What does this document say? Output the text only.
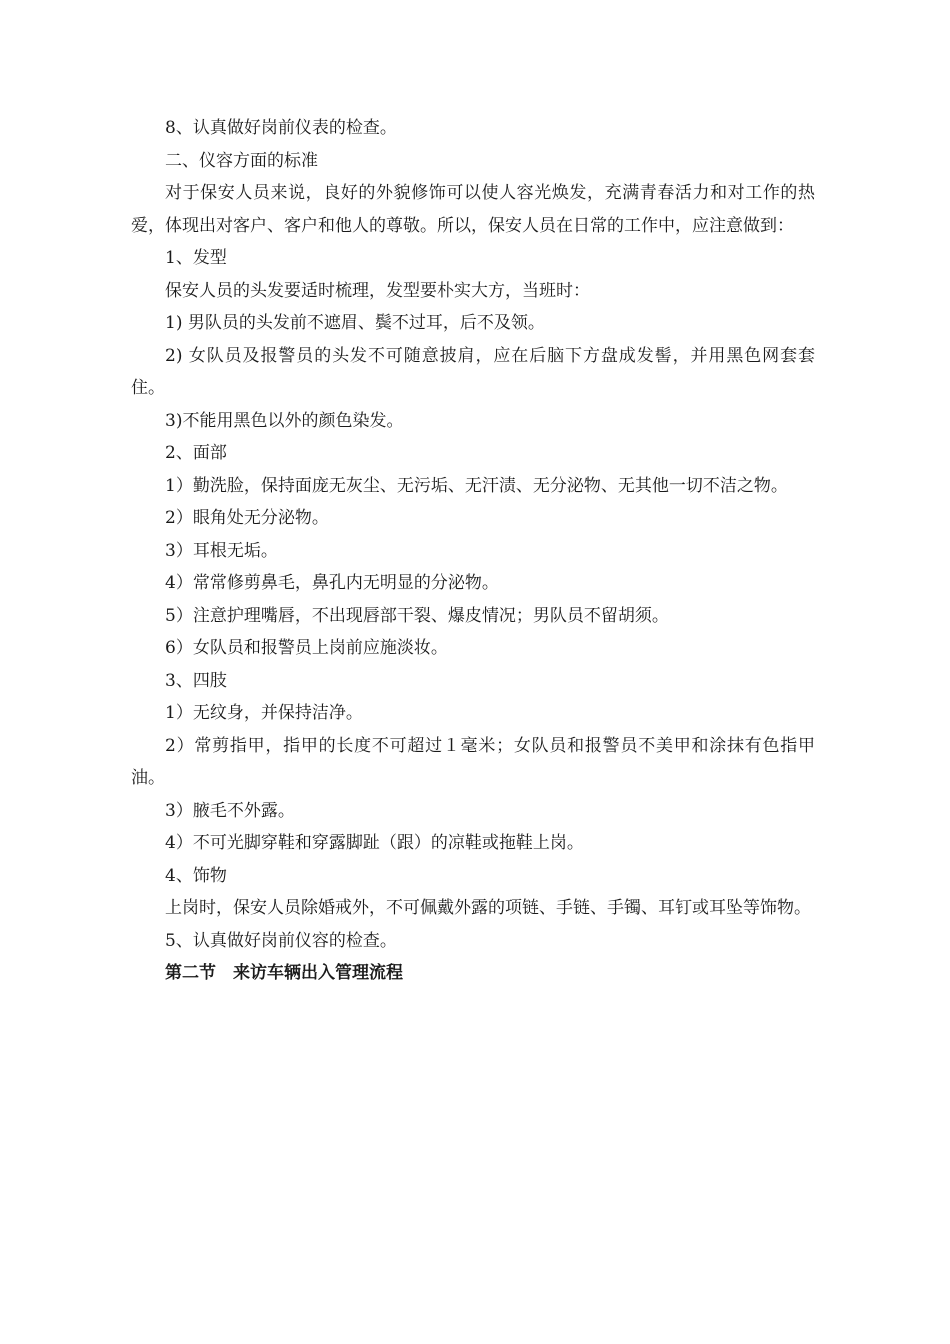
8、认真做好岗前仪表的检查。

二、仪容方面的标准

对于保安人员来说，良好的外貌修饰可以使人容光焕发，充满青春活力和对工作的热爱，体现出对客户、客户和他人的尊敬。所以，保安人员在日常的工作中，应注意做到：

1、发型

保安人员的头发要适时梳理，发型要朴实大方，当班时：

1) 男队员的头发前不遮眉、鬓不过耳，后不及领。

2) 女队员及报警员的头发不可随意披肩，应在后脑下方盘成发髻，并用黑色网套套住。

3)不能用黑色以外的颜色染发。

2、面部

1）勤洗脸，保持面庞无灰尘、无污垢、无汗渍、无分泌物、无其他一切不洁之物。

2）眼角处无分泌物。

3）耳根无垢。

4）常常修剪鼻毛，鼻孔内无明显的分泌物。

5）注意护理嘴唇，不出现唇部干裂、爆皮情况；男队员不留胡须。

6）女队员和报警员上岗前应施淡妆。

3、四肢

1）无纹身，并保持洁净。

2）常剪指甲，指甲的长度不可超过１毫米；女队员和报警员不美甲和涂抹有色指甲油。

3）腋毛不外露。

4）不可光脚穿鞋和穿露脚趾（跟）的凉鞋或拖鞋上岗。

4、饰物

上岗时，保安人员除婚戒外，不可佩戴外露的项链、手链、手镯、耳钉或耳坠等饰物。

5、认真做好岗前仪容的检查。

第二节　来访车辆出入管理流程
